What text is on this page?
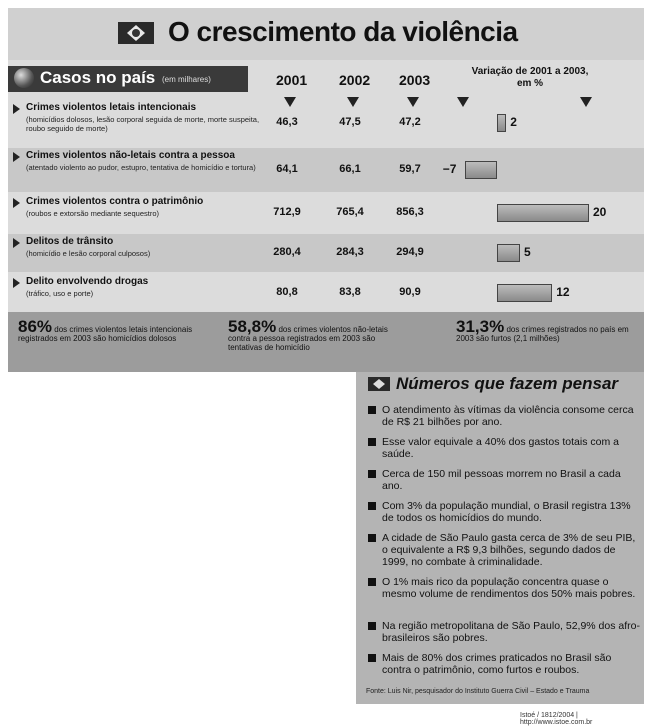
O crescimento da violência
Casos no país (em milhares)	2001 2002 2003
Variação de 2001 a 2003, em %
Crimes violentos letais intencionais
(homicídios dolosos, lesão corporal seguida de morte, morte suspeita, roubo seguido de morte)
46,3	47,5	47,2	2
Crimes violentos não-letais contra a pessoa
(atentado violento ao pudor, estupro, tentativa de homicídio e tortura)	64,1	66,1	59,7	−7
Crimes violentos contra o patrimônio
(roubos e extorsão mediante sequestro)	712,9	765,4	856,3	20
Delitos de trânsito
(homicídio e lesão corporal culposos)	280,4	284,3	294,9	5
Delito envolvendo drogas
(tráfico, uso e porte)	80,8	83,8	90,9	12
86% dos crimes violentos letais intencionais registrados em 2003 são homicídios dolosos
58,8% dos crimes violentos não-letais contra a pessoa registrados em 2003 são tentativas de homicídio
31,3% dos crimes registrados no país em 2003 são furtos (2,1 milhões)
Números que fazem pensar
O atendimento às vítimas da violência consome cerca de R$ 21 bilhões por ano.
Esse valor equivale a 40% dos gastos totais com a saúde.
Cerca de 150 mil pessoas morrem no Brasil a cada ano.
Com 3% da população mundial, o Brasil registra 13% de todos os homicídios do mundo.
A cidade de São Paulo gasta cerca de 3% de seu PIB, o equivalente a R$ 9,3 bilhões, segundo dados de 1999, no combate à criminalidade.
O 1% mais rico da população concentra quase o mesmo volume de rendimentos dos 50% mais pobres.
Na região metropolitana de São Paulo, 52,9% dos afro-brasileiros são pobres.
Mais de 80% dos crimes praticados no Brasil são contra o patrimônio, como furtos e roubos.
Fonte: Luis Nir, pesquisador do Instituto Guerra Civil – Estado e Trauma
Istoé / 1812/2004 | http://www.istoe.com.br
